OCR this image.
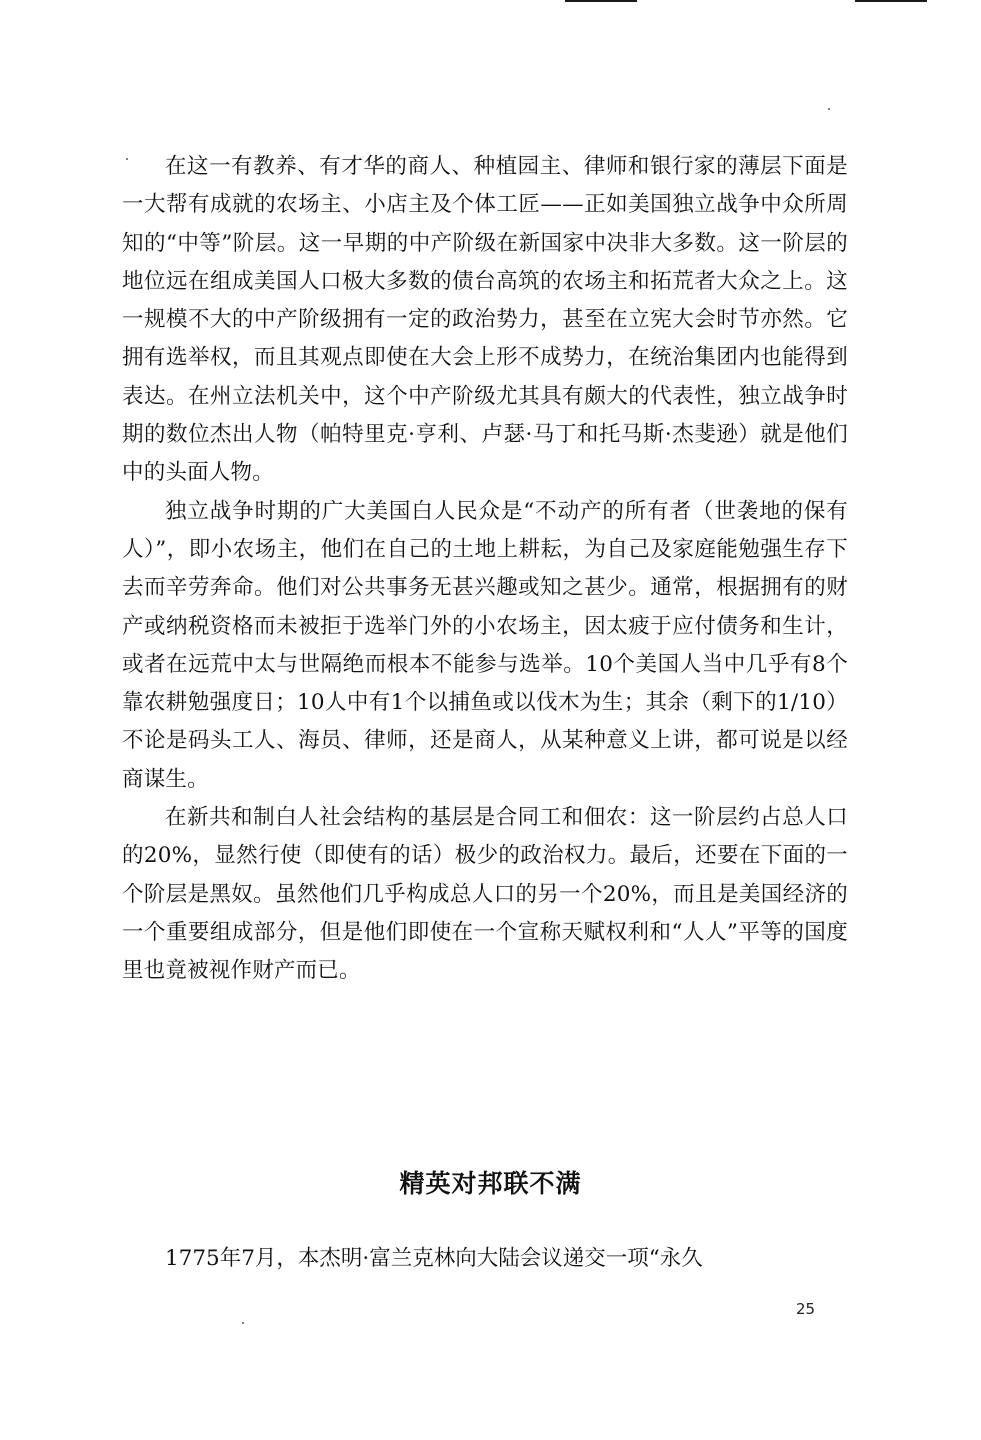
在这一有教养、有才华的商人、种植园主、律师和银行家的薄层下面是一大帮有成就的农场主、小店主及个体工匠——正如美国独立战争中众所周知的“中等”阶层。这一早期的中产阶级在新国家中决非大多数。这一阶层的地位远在组成美国人口极大多数的债台高筑的农场主和拓荒者大众之上。这一规模不大的中产阶级拥有一定的政治势力，甚至在立宪大会时节亦然。它拥有选举权，而且其观点即使在大会上形不成势力，在统治集团内也能得到表达。在州立法机关中，这个中产阶级尤其具有颇大的代表性，独立战争时期的数位杰出人物（帕特里克·亨利、卢瑟·马丁和托马斯·杰斐逊）就是他们中的头面人物。

独立战争时期的广大美国白人民众是“不动产的所有者（世袭地的保有人）”，即小农场主，他们在自己的土地上耕耘，为自己及家庭能勉强生存下去而辛劳奔命。他们对公共事务无甚兴趣或知之甚少。通常，根据拥有的财产或纳税资格而未被拒于选举门外的小农场主，因太疲于应付债务和生计，或者在远荒中太与世隔绝而根本不能参与选举。10个美国人当中几乎有8个靠农耕勉强度日；10人中有1个以捕鱼或以伐木为生；其余（剩下的1/10）不论是码头工人、海员、律师，还是商人，从某种意义上讲，都可说是以经商谋生。

在新共和制白人社会结构的基层是合同工和佃农：这一阶层约占总人口的20%，显然行使（即使有的话）极少的政治权力。最后，还要在下面的一个阶层是黑奴。虽然他们几乎构成总人口的另一个20%，而且是美国经济的一个重要组成部分，但是他们即使在一个宣称天赋权利和“人人”平等的国度里也竟被视作财产而已。

精英对邦联不满

1775年7月，本杰明·富兰克林向大陆会议递交一项“永久

25
